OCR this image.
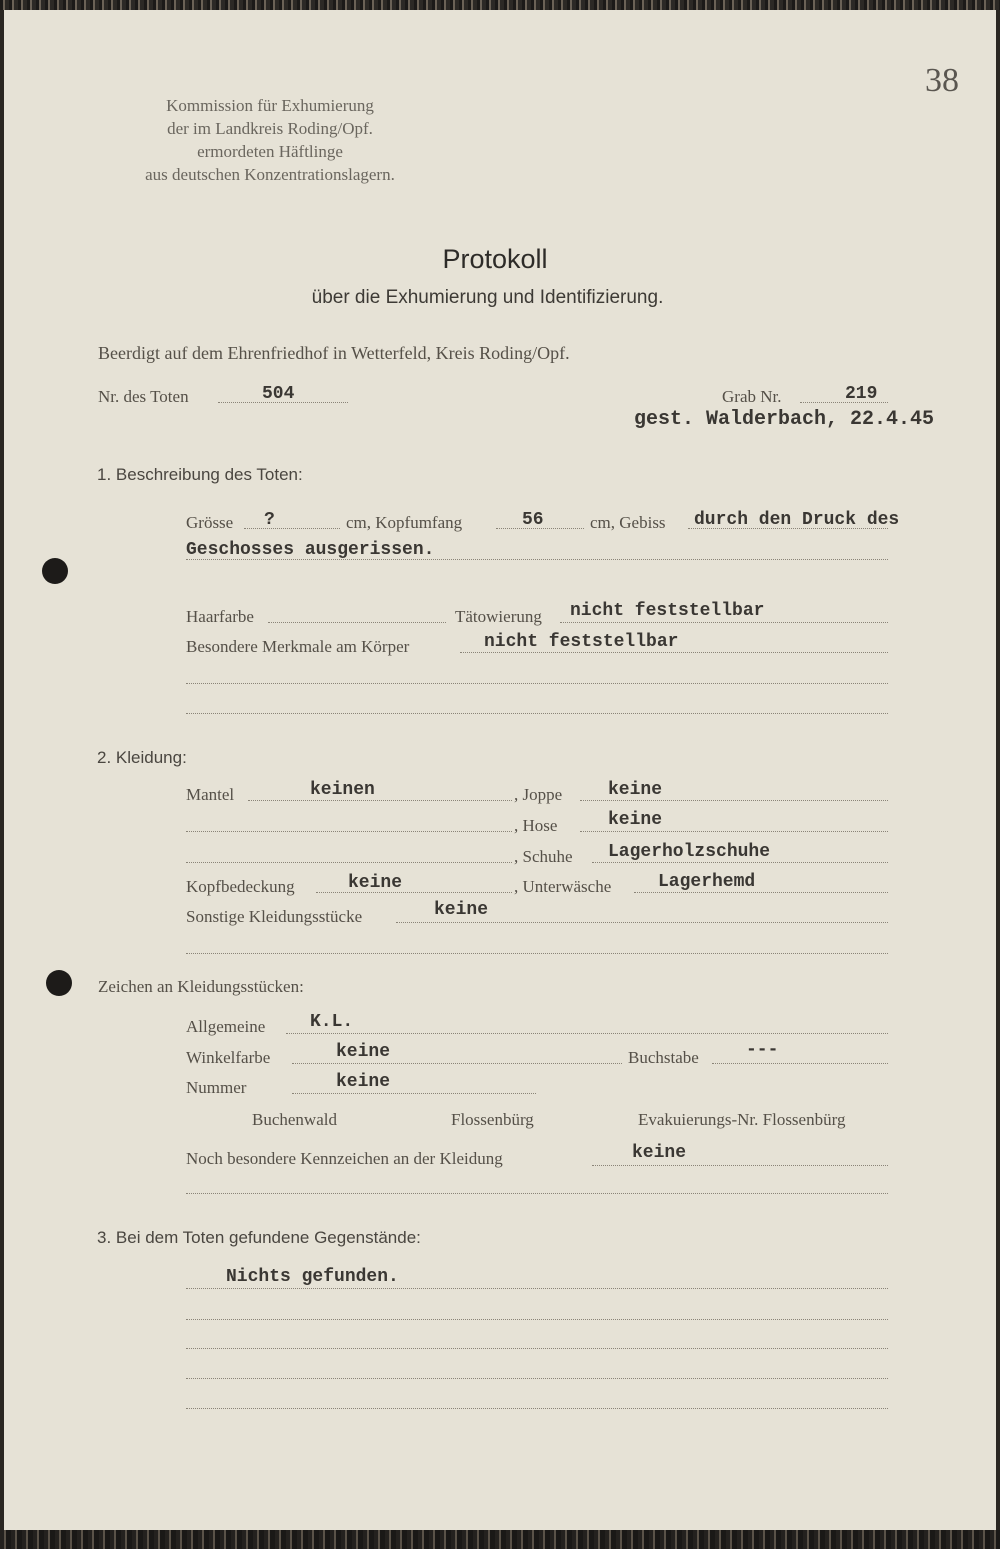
38
Kommission für Exhumierung
der im Landkreis Roding/Opf.
ermordeten Häftlinge
aus deutschen Konzentrationslagern.
Protokoll
über die Exhumierung und Identifizierung.
Beerdigt auf dem Ehrenfriedhof in Wetterfeld, Kreis Roding/Opf.
Nr. des Toten	504	Grab Nr.	219
gest. Walderbach, 22.4.45
1. Beschreibung des Toten:
Grösse ?	cm, Kopfumfang	56	cm, Gebiss durch den Druck des
Geschosses ausgerissen.
Haarfarbe	Tätowierung nicht feststellbar
Besondere Merkmale am Körper	nicht feststellbar
2. Kleidung:
Mantel	keinen	, Joppe	keine
, Hose	keine
, Schuhe Lagerholzschuhe
Kopfbedeckung	keine	, Unterwäsche	Lagerhemd
Sonstige Kleidungsstücke	keine
Zeichen an Kleidungsstücken:
Allgemeine K.L.
Winkelfarbe	keine	Buchstabe	---
Nummer	keine
Buchenwald	Flossenbürg	Evakuierungs-Nr. Flossenbürg
Noch besondere Kennzeichen an der Kleidung	keine
3. Bei dem Toten gefundene Gegenstände:
Nichts gefunden.
